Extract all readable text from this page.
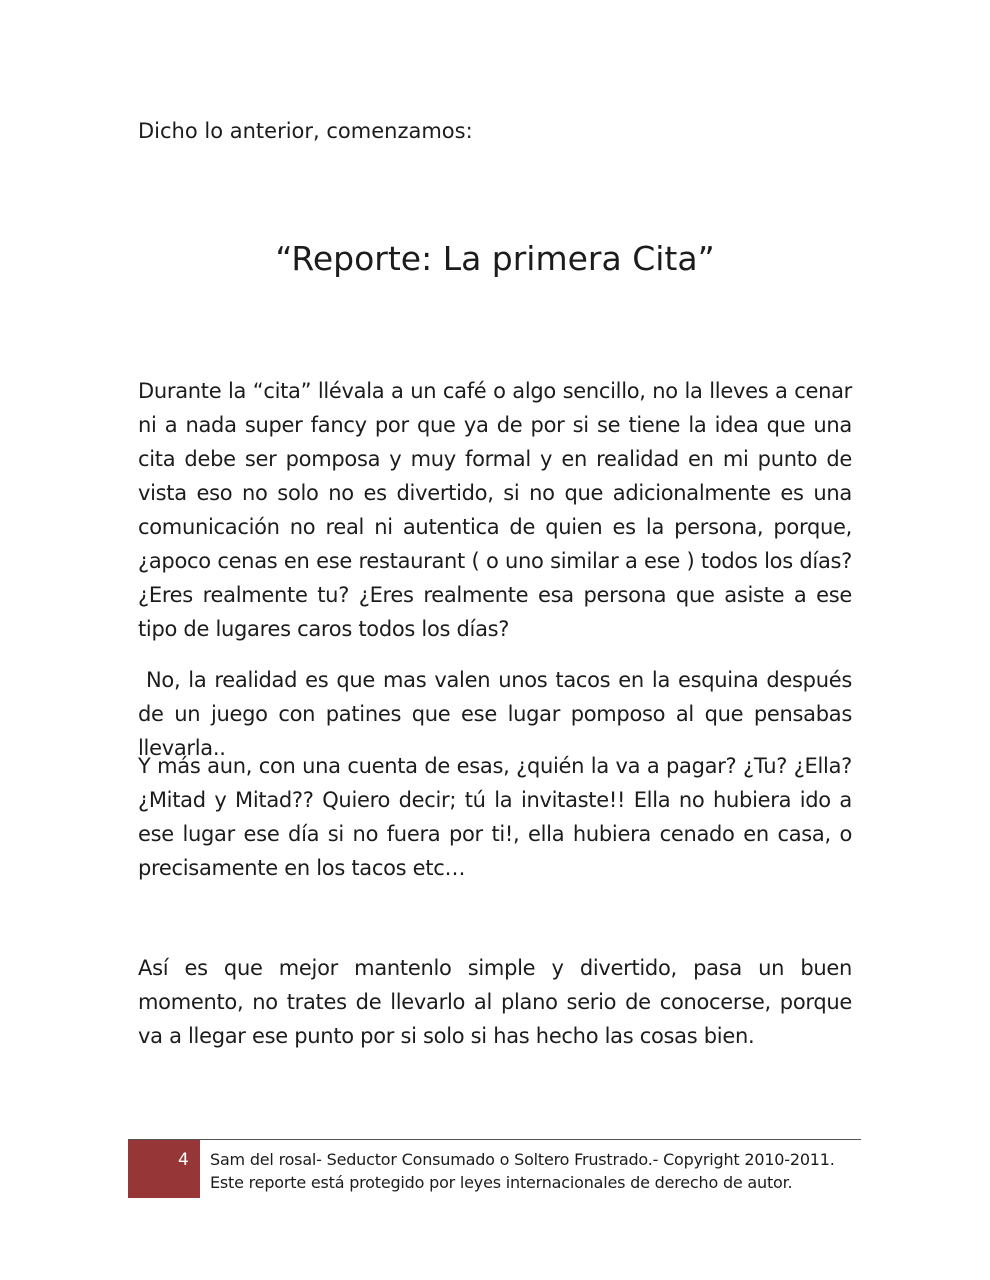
Dicho lo anterior, comenzamos:

“Reporte: La primera Cita”

Durante la “cita” llévala a un café o algo sencillo, no la lleves a cenar ni a nada super fancy por que ya de por si se tiene la idea que una cita debe ser pomposa y muy formal y en realidad en mi punto de vista eso no solo no es divertido, si no que adicionalmente es una comunicación no real ni autentica de quien es la persona, porque, ¿apoco cenas en ese restaurant ( o uno similar a ese ) todos los días? ¿Eres realmente tu? ¿Eres realmente esa persona que asiste a ese tipo de lugares caros todos los días?

No, la realidad es que mas valen unos tacos en la esquina después de un juego con patines que ese lugar pomposo al que pensabas llevarla..

Y más aun, con una cuenta de esas, ¿quién la va a pagar? ¿Tu? ¿Ella? ¿Mitad y Mitad?? Quiero decir; tú la invitaste!! Ella no hubiera ido a ese lugar ese día si no fuera por ti!, ella hubiera cenado en casa, o precisamente en los tacos etc…

Así es que mejor mantenlo simple y divertido, pasa un buen momento, no trates de llevarlo al plano serio de conocerse, porque va a llegar ese punto por si solo si has hecho las cosas bien.

4 Sam del rosal- Seductor Consumado o Soltero Frustrado.- Copyright 2010-2011.
Este reporte está protegido por leyes internacionales de derecho de autor.
